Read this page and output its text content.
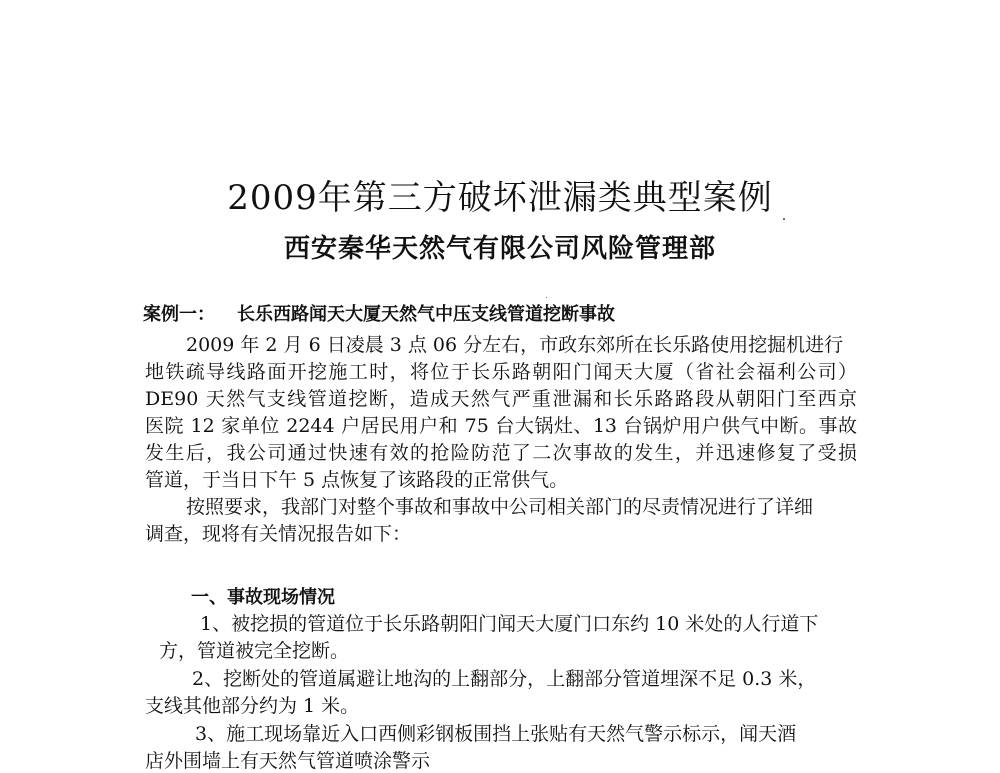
2009年第三方破坏泄漏类典型案例
西安秦华天然气有限公司风险管理部
案例一： 长乐西路闻天大厦天然气中压支线管道挖断事故

2009 年 2 月 6 日凌晨 3 点 06 分左右，市政东郊所在长乐路使用挖掘机进行

地铁疏导线路面开挖施工时，将位于长乐路朝阳门闻天大厦（省社会福利公司）

DE90 天然气支线管道挖断，造成天然气严重泄漏和长乐路路段从朝阳门至西京

医院 12 家单位 2244 户居民用户和 75 台大锅灶、13 台锅炉用户供气中断。事故

发生后，我公司通过快速有效的抢险防范了二次事故的发生，并迅速修复了受损

管道，于当日下午 5 点恢复了该路段的正常供气。

按照要求，我部门对整个事故和事故中公司相关部门的尽责情况进行了详细

调查，现将有关情况报告如下：

一、事故现场情况

1、被挖损的管道位于长乐路朝阳门闻天大厦门口东约 10 米处的人行道下

方，管道被完全挖断。

2、挖断处的管道属避让地沟的上翻部分，上翻部分管道埋深不足 0.3 米，

支线其他部分约为 1 米。

3、施工现场靠近入口西侧彩钢板围挡上张贴有天然气警示标示，闻天酒

店外围墙上有天然气管道喷涂警示
